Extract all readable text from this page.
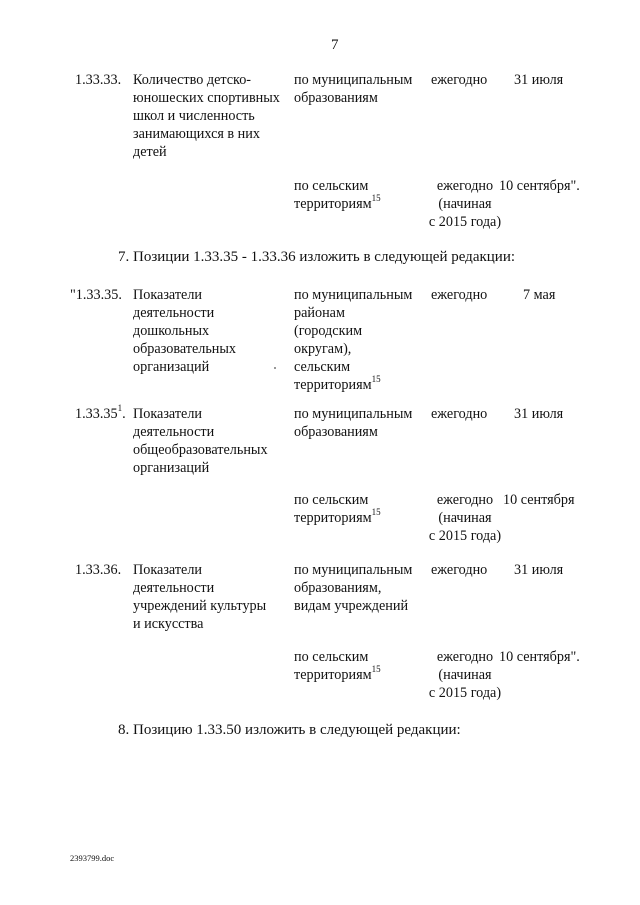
7
1.33.33. Количество детско-
юношеских спортивных
школ и численность
занимающихся в них
детей
по муниципальным
образованиям
ежегодно 31 июля
по сельским
территориям$^{15}$
ежегодно
(начиная
с 2015 года)
10 сентября".
7. Позиции 1.33.35 - 1.33.36 изложить в следующей редакции:
"1.33.35. Показатели
деятельности
дошкольных
образовательных
организаций
по муниципальным
районам
(городским
округам),
сельским
территориям$^{15}$
ежегодно	7 мая
1.33.35$^1$. Показатели
деятельности
общеобразовательных
организаций
по муниципальным
образованиям
ежегодно 31 июля
по сельским
территориям$^{15}$
ежегодно
(начиная
с 2015 года)
10 сентября
1.33.36. Показатели
деятельности
учреждений культуры
и искусства
по муниципальным
образованиям,
видам учреждений
ежегодно 31 июля
по сельским
территориям$^{15}$
ежегодно
(начиная
с 2015 года)
10 сентября".
8. Позицию 1.33.50 изложить в следующей редакции:
2393799.doc
